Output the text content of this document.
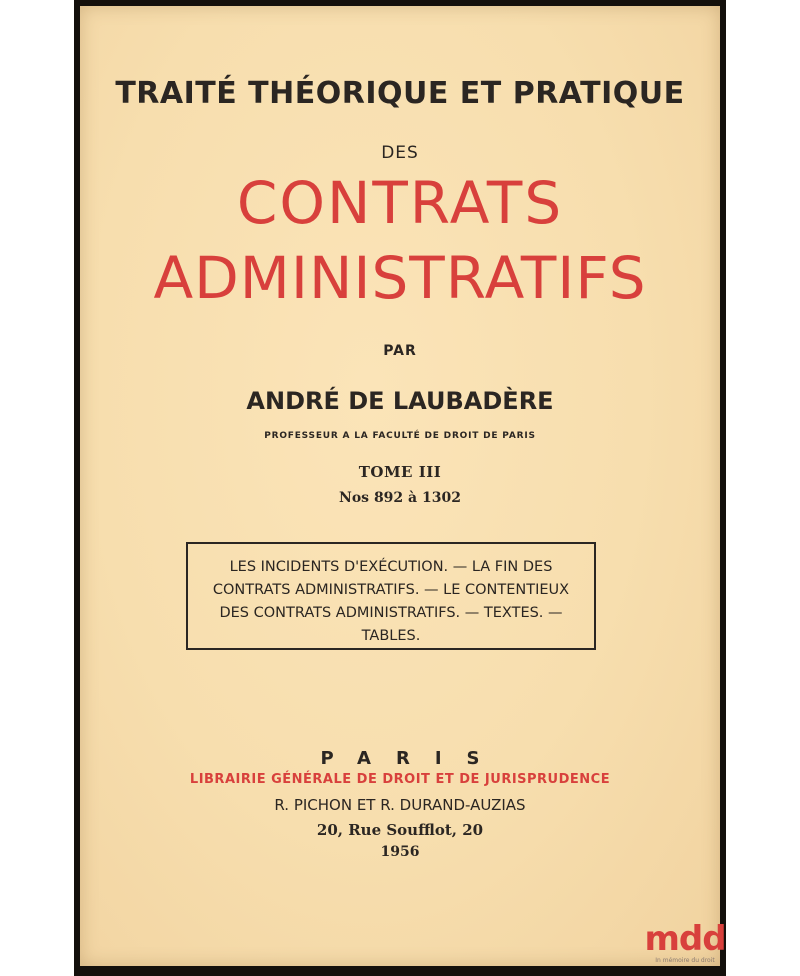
TRAITÉ THÉORIQUE ET PRATIQUE
DES
CONTRATS
ADMINISTRATIFS
PAR
ANDRÉ DE LAUBADÈRE
PROFESSEUR A LA FACULTÉ DE DROIT DE PARIS
TOME III
Nos 892 à 1302
LES INCIDENTS D'EXÉCUTION. — LA FIN DES
CONTRATS ADMINISTRATIFS. — LE CONTENTIEUX
DES CONTRATS ADMINISTRATIFS. — TEXTES. —
TABLES.
PARIS
LIBRAIRIE GÉNÉRALE DE DROIT ET DE JURISPRUDENCE
R. PICHON ET R. DURAND-AUZIAS
20, Rue Soufflot, 20
1956
mdd
In mémoire du droit
